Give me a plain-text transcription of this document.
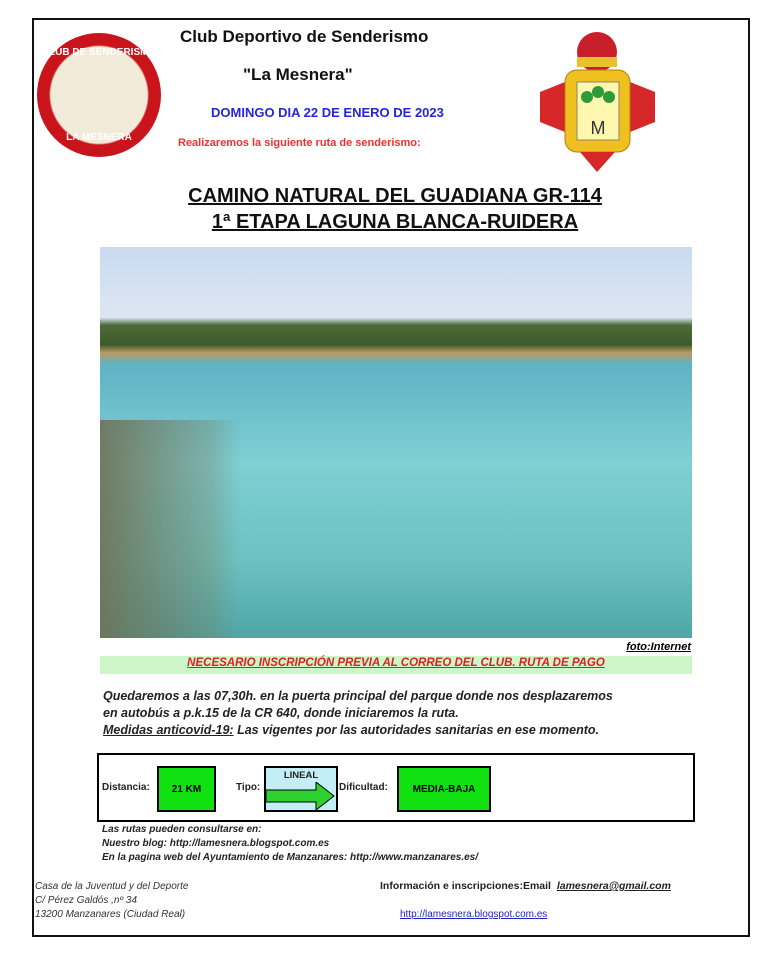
CLUB DE SENDERISMO
LA MESNERA
Club Deportivo de Senderismo
"La Mesnera"
DOMINGO DIA 22 DE ENERO DE 2023
Realizaremos la siguiente ruta de senderismo:
M
CAMINO NATURAL DEL GUADIANA GR-114
1ª ETAPA LAGUNA BLANCA-RUIDERA
foto:Internet
NECESARIO INSCRIPCIÓN PREVIA AL CORREO DEL CLUB. RUTA DE PAGO
Quedaremos a las 07,30h. en la puerta principal del parque donde nos desplazaremos
en autobús a p.k.15 de la CR 640, donde iniciaremos la ruta.
Medidas anticovid-19: Las vigentes por las autoridades sanitarias en ese momento.
Distancia:	21 KM	Tipo:
LINEAL
Dificultad:	MEDIA-BAJA
Las rutas pueden consultarse en:
Nuestro blog: http://lamesnera.blogspot.com.es
En la pagina web del Ayuntamiento de Manzanares: http://www.manzanares.es/
Casa de la Juventud y del Deporte
C/ Pérez Galdós ,nº 34
13200 Manzanares (Ciudad Real)
Información e inscripciones:Email lamesnera@gmail.com
http://lamesnera.blogspot.com.es
